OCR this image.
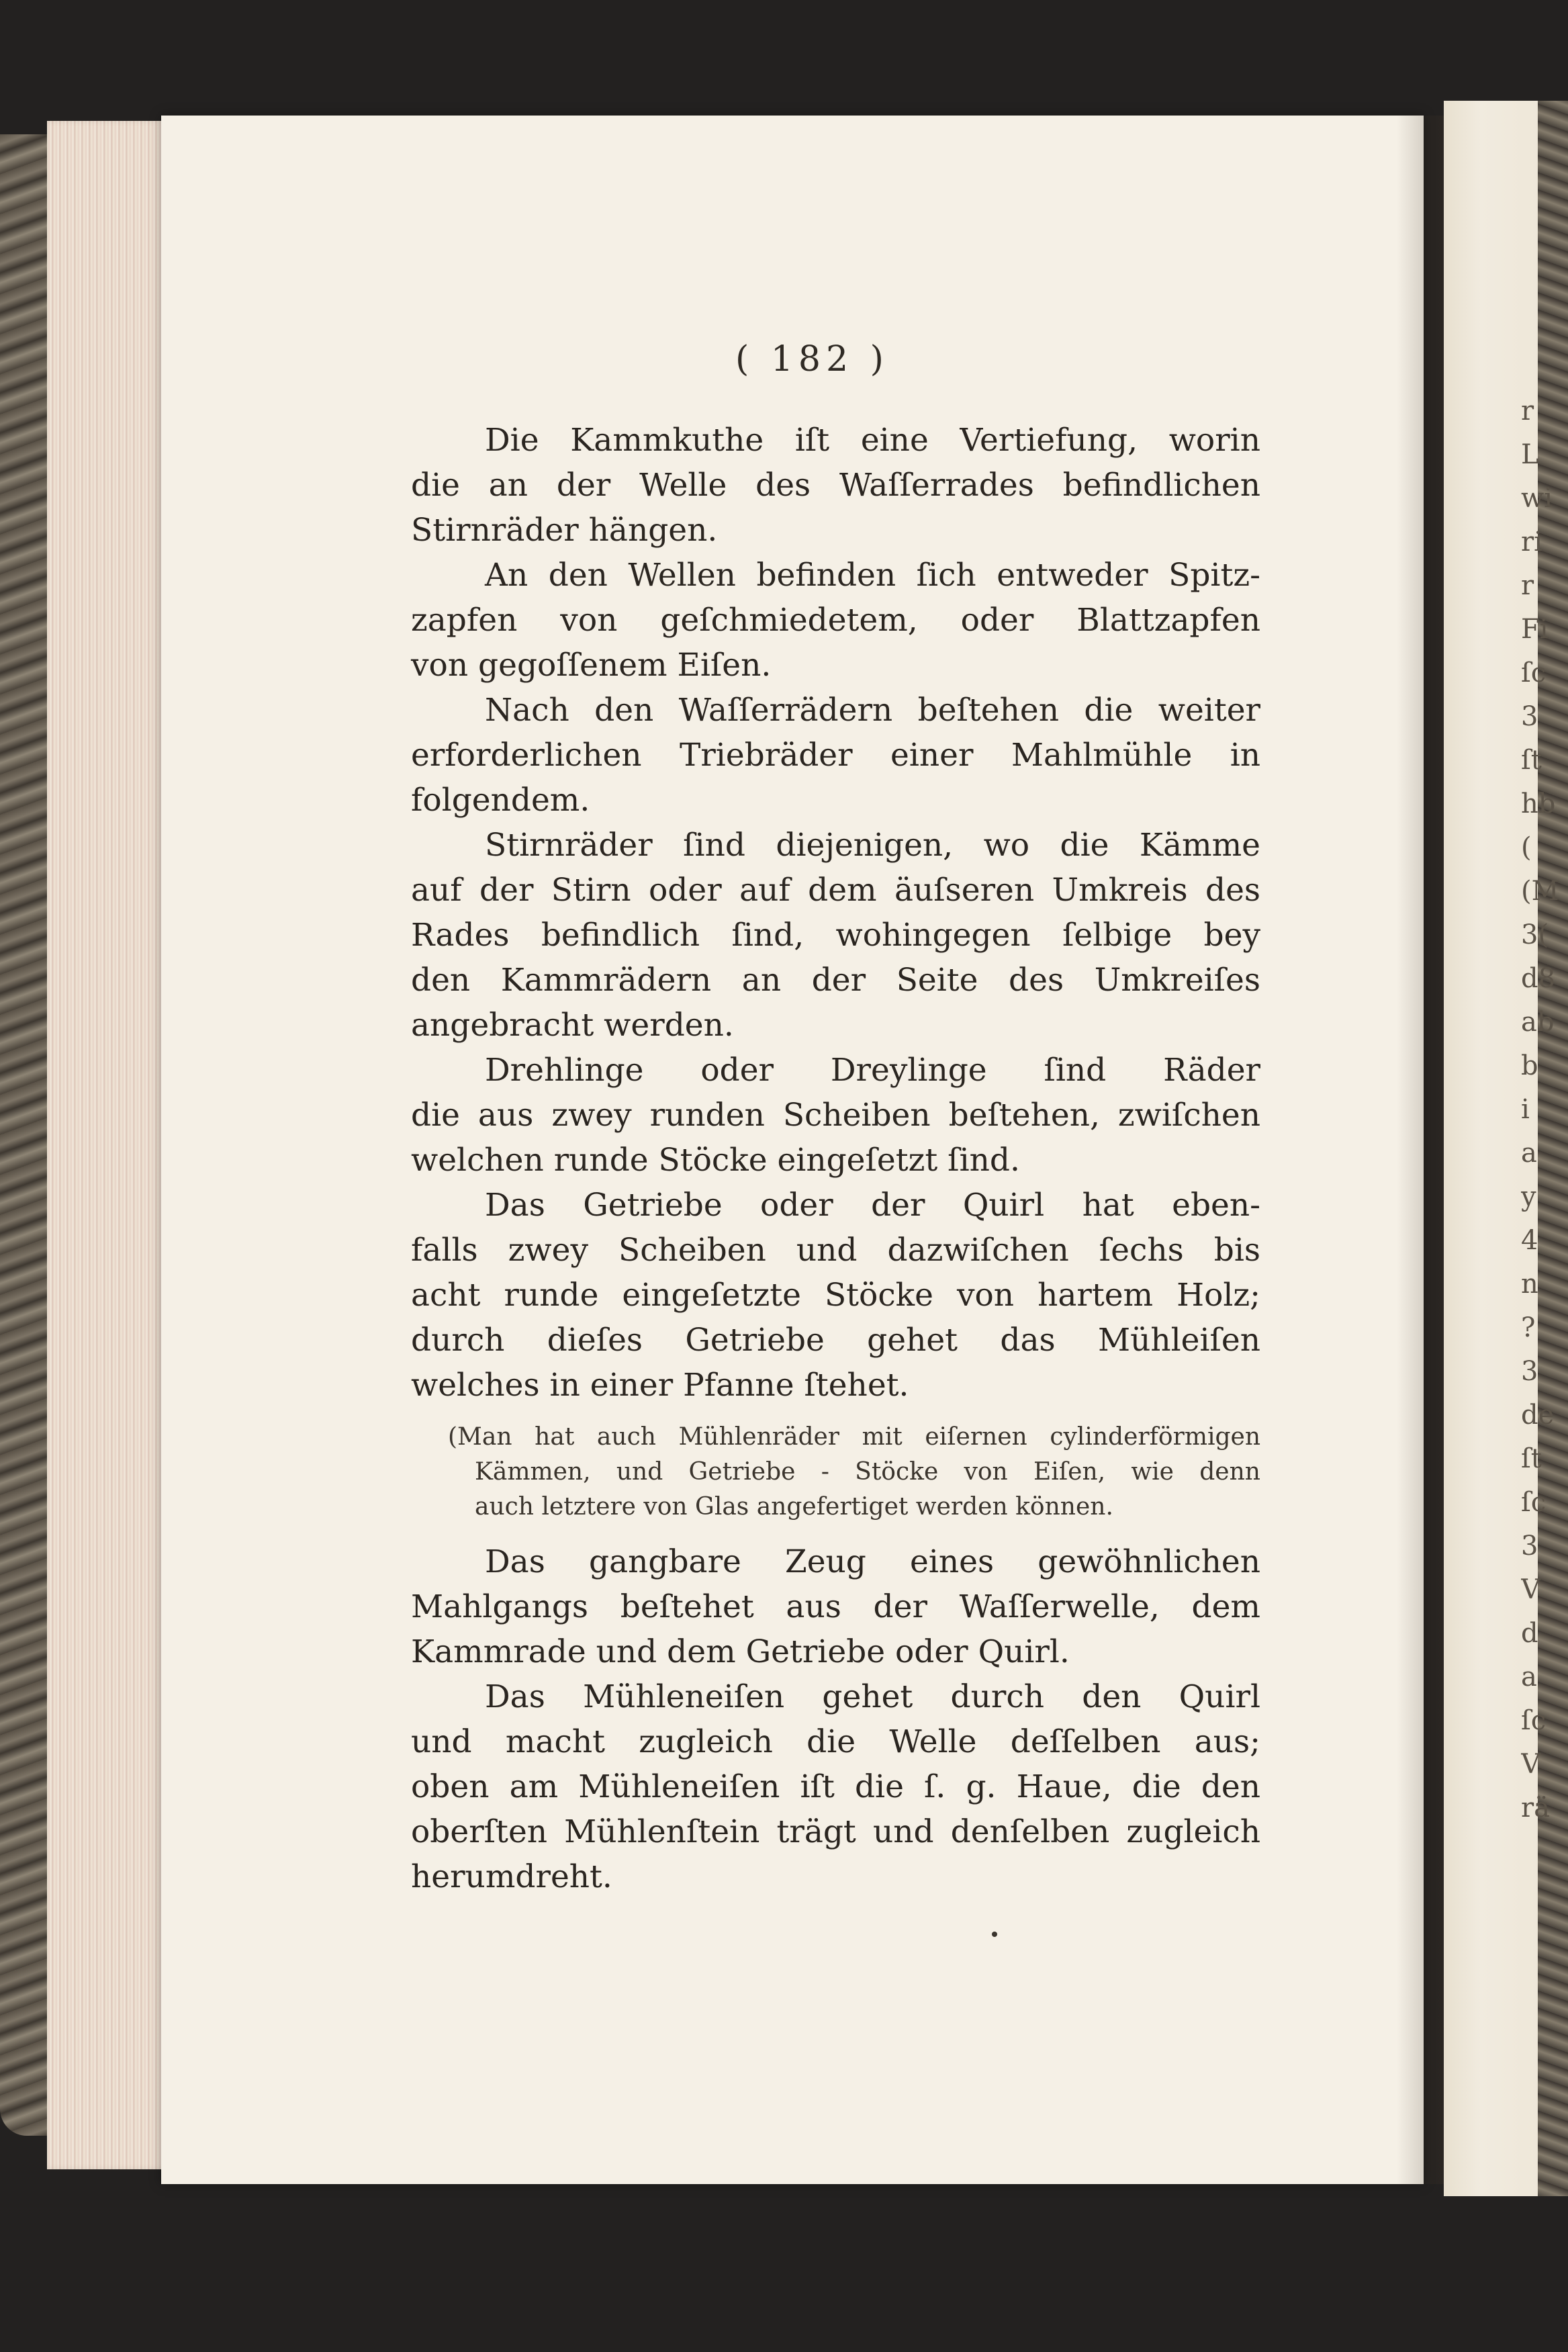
r
L
wi
ri
r
Fi
ſc
3
ſt
hb
(
(M
3(
d8
ab
b
i
a
y
4
n
?
3
de
ſt
ſc
3
V
d
a
ſc
V
rä
( 182 )
Die Kammkuthe iſt eine Vertiefung, worin
die an der Welle des Waſſerrades befindlichen
Stirnräder hängen.
An den Wellen befinden ſich entweder Spitz-
zapfen von geſchmiedetem, oder Blattzapfen
von gegoſſenem Eiſen.
Nach den Waſſerrädern beſtehen die weiter
erforderlichen Triebräder einer Mahlmühle in
folgendem.
Stirnräder ſind diejenigen, wo die Kämme
auf der Stirn oder auf dem äuſseren Umkreis des
Rades befindlich ſind, wohingegen ſelbige bey
den Kammrädern an der Seite des Umkreiſes
angebracht werden.
Drehlinge oder Dreylinge ſind Räder
die aus zwey runden Scheiben beſtehen, zwiſchen
welchen runde Stöcke eingeſetzt ſind.
Das Getriebe oder der Quirl hat eben-
falls zwey Scheiben und dazwiſchen ſechs bis
acht runde eingeſetzte Stöcke von hartem Holz;
durch dieſes Getriebe gehet das Mühleiſen
welches in einer Pfanne ſtehet.
(Man hat auch Mühlenräder mit eiſernen cylinderförmigen
Kämmen, und Getriebe - Stöcke von Eiſen, wie denn
auch letztere von Glas angefertiget werden können.
Das gangbare Zeug eines gewöhnlichen
Mahlgangs beſtehet aus der Waſſerwelle, dem
Kammrade und dem Getriebe oder Quirl.
Das Mühleneiſen gehet durch den Quirl
und macht zugleich die Welle deſſelben aus;
oben am Mühleneiſen iſt die ſ. g. Haue, die den
oberſten Mühlenſtein trägt und denſelben zugleich
herumdreht.
